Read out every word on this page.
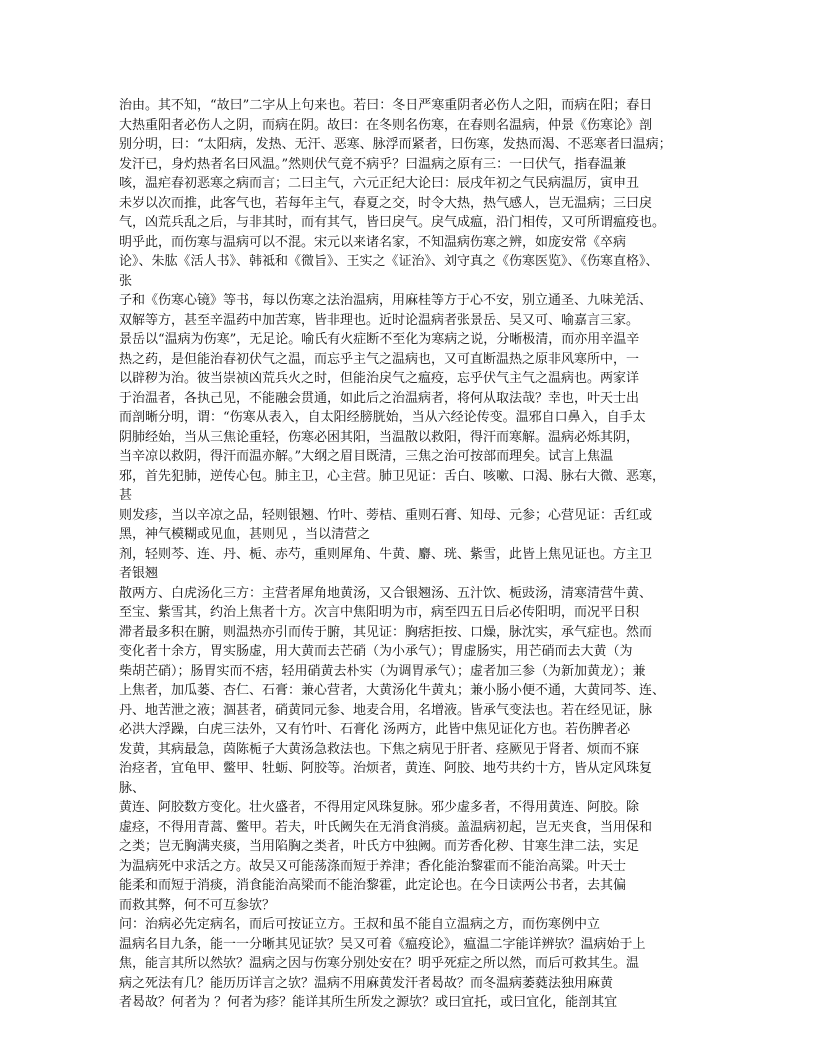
治由。其不知，“故曰”二字从上句来也。若曰：冬日严寒重阴者必伤人之阳，而病在阳；春日
大热重阳者必伤人之阴，而病在阴。故曰：在冬则名伤寒，在春则名温病，仲景《伤寒论》剖
别分明，曰：“太阳病，发热、无汗、恶寒、脉浮而紧者，曰伤寒，发热而渴、不恶寒者曰温病；
发汗已，身灼热者名曰风温。”然则伏气竟不病乎？曰温病之原有三：一曰伏气，指春温兼
咳，温疟春初恶寒之病而言；二曰主气，六元正纪大论曰：辰戌年初之气民病温厉，寅申丑
未岁以次而推，此客气也，若每年主气，春夏之交，时令大热，热气感人，岂无温病；三曰戾
气，凶荒兵乱之后，与非其时，而有其气，皆曰戾气。戾气成瘟，沿门相传，又可所谓瘟疫也。
明乎此，而伤寒与温病可以不混。宋元以来诸名家，不知温病伤寒之辨，如庞安常《卒病
论》、朱肱《活人书》、韩祗和《微旨》、王实之《证治》、刘守真之《伤寒医览》、《伤寒直格》、
张
子和《伤寒心镜》等书，每以伤寒之法治温病，用麻桂等方于心不安，别立通圣、九味羌活、
双解等方，甚至辛温药中加苦寒，皆非理也。近时论温病者张景岳、吴又可、喻嘉言三家。
景岳以“温病为伤寒”，无足论。喻氏有火症断不至化为寒病之说，分晰极清，而亦用辛温辛
热之药，是但能治春初伏气之温，而忘乎主气之温病也，又可直断温热之原非风寒所中，一
以辟秽为治。彼当崇祯凶荒兵火之时，但能治戾气之瘟疫，忘乎伏气主气之温病也。两家详
于治温者，各执己见，不能融会贯通，如此后之治温病者，将何从取法哉？幸也，叶天士出
而剖晰分明，谓：“伤寒从表入，自太阳经膀胱始，当从六经论传变。温邪自口鼻入，自手太
阴肺经始，当从三焦论重轻，伤寒必困其阳，当温散以救阳，得汗而寒解。温病必烁其阴，
当辛凉以救阴，得汗而温亦解。”大纲之眉目既清，三焦之治可按部而理矣。试言上焦温
邪，首先犯肺，逆传心包。肺主卫，心主营。肺卫见证：舌白、咳嗽、口渴、脉右大微、恶寒，
甚
则发疹，当以辛凉之品，轻则银翘、竹叶、蒡桔、重则石膏、知母、元参；心营见证：舌红或
黑，神气模糊或见血，甚则见 ，当以清营之
剂，轻则芩、连、丹、栀、赤芍，重则犀角、牛黄、麝、珖、紫雪，此皆上焦见证也。方主卫
者银翘
散两方、白虎汤化三方：主营者犀角地黄汤，又合银翘汤、五汁饮、栀豉汤，清寒清营牛黄、
至宝、紫雪其，约治上焦者十方。次言中焦阳明为市，病至四五日后必传阳明，而况平日积
滞者最多积在腑，则温热亦引而传于腑，其见证：胸痞拒按、口燥，脉沈实，承气症也。然而
变化者十余方，胃实肠虚，用大黄而去芒硝（为小承气）；胃虚肠实，用芒硝而去大黄（为
柴胡芒硝）；肠胃实而不痞，轻用硝黄去朴实（为调胃承气）；虚者加三参（为新加黄龙）；兼
上焦者，加瓜蒌、杏仁、石膏：兼心营者，大黄汤化牛黄丸；兼小肠小便不通，大黄同芩、连、
丹、地苦泄之液；涸甚者，硝黄同元参、地麦合用，名增液。皆承气变法也。若在经见证，脉
必洪大浮躁，白虎三法外，又有竹叶、石膏化 汤两方，此皆中焦见证化方也。若伤脾者必
发黄，其病最急，茵陈栀子大黄汤急救法也。下焦之病见于肝者、痉厥见于肾者、烦而不寐
治痉者，宜龟甲、鳖甲、牡蛎、阿胶等。治烦者，黄连、阿胶、地芍共约十方，皆从定风珠复
脉、
黄连、阿胶数方变化。壮火盛者，不得用定风珠复脉。邪少虚多者，不得用黄连、阿胶。除
虚痉，不得用青蒿、鳖甲。若夫，叶氏阙失在无消食消痰。盖温病初起，岂无夹食，当用保和
之类；岂无胸满夹痰，当用陷胸之类者，叶氏方中独阙。而芳香化秽、甘寒生津二法，实足
为温病死中求活之方。故吴又可能荡涤而短于养津；香化能治黎霍而不能治高粱。叶天士
能柔和而短于消痰，消食能治高梁而不能治黎霍，此定论也。在今日读两公书者，去其偏
而救其弊，何不可互参欤？
问：治病必先定病名，而后可按证立方。王叔和虽不能自立温病之方，而伤寒例中立
温病名目九条，能一一分晰其见证欤？吴又可着《瘟疫论》，瘟温二字能详辨欤？温病始于上
焦，能言其所以然欤？温病之因与伤寒分别处安在？明乎死症之所以然，而后可救其生。温
病之死法有几？能历历详言之欤？温病不用麻黄发汗者曷故？而冬温病萎蕤法独用麻黄
者曷故？何者为 ？何者为疹？能详其所生所发之源欤？或曰宜托，或曰宜化，能剖其宜
